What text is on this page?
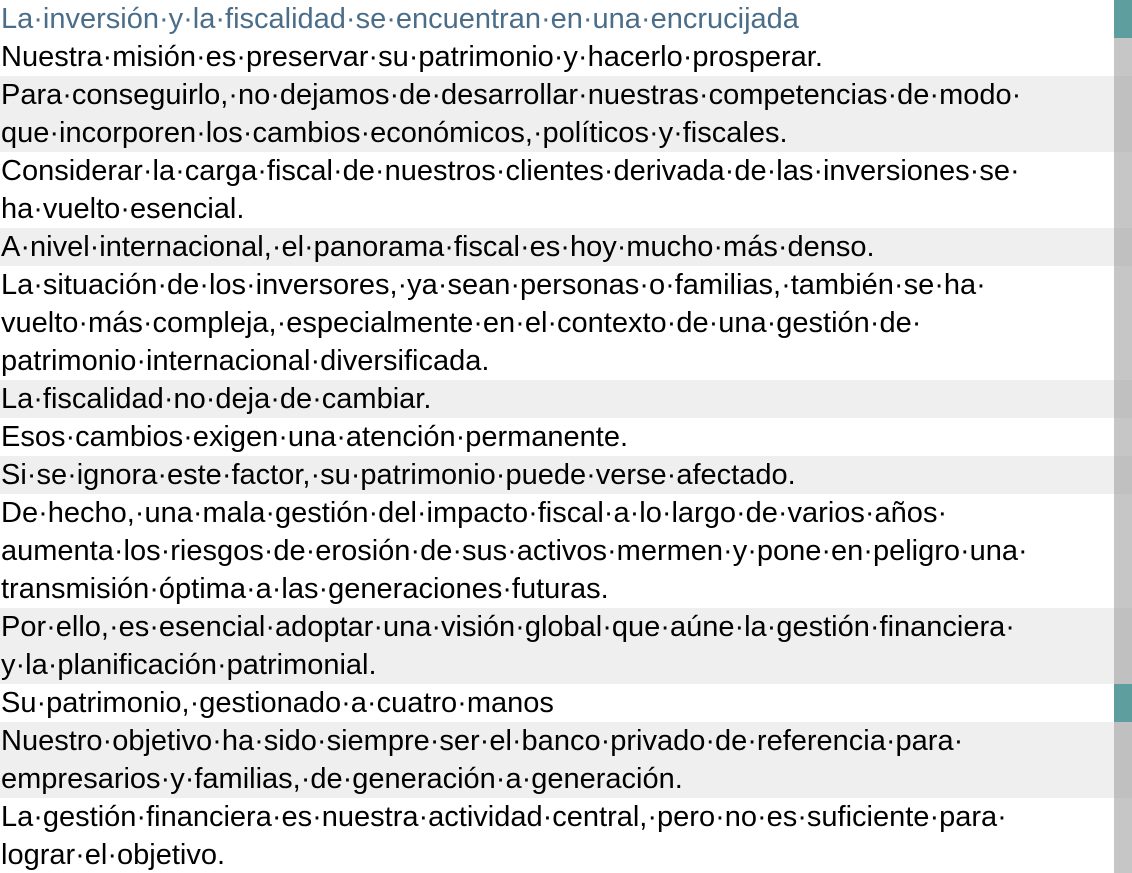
La·inversión·y·la·fiscalidad·se·encuentran·en·una·encrucijada
Nuestra·misión·es·preservar·su·patrimonio·y·hacerlo·prosperar.
Para·conseguirlo,·no·dejamos·de·desarrollar·nuestras·competencias·de·modo· que·incorporen·los·cambios·económicos,·políticos·y·fiscales.
Considerar·la·carga·fiscal·de·nuestros·clientes·derivada·de·las·inversiones·se· ha·vuelto·esencial.
A·nivel·internacional,·el·panorama·fiscal·es·hoy·mucho·más·denso.
La·situación·de·los·inversores,·ya·sean·personas·o·familias,·también·se·ha· vuelto·más·compleja,·especialmente·en·el·contexto·de·una·gestión·de· patrimonio·internacional·diversificada.
La·fiscalidad·no·deja·de·cambiar.
Esos·cambios·exigen·una·atención·permanente.
Si·se·ignora·este·factor,·su·patrimonio·puede·verse·afectado.
De·hecho,·una·mala·gestión·del·impacto·fiscal·a·lo·largo·de·varios·años· aumenta·los·riesgos·de·erosión·de·sus·activos·mermen·y·pone·en·peligro·una· transmisión·óptima·a·las·generaciones·futuras.
Por·ello,·es·esencial·adoptar·una·visión·global·que·aúne·la·gestión·financiera· y·la·planificación·patrimonial.
Su·patrimonio,·gestionado·a·cuatro·manos
Nuestro·objetivo·ha·sido·siempre·ser·el·banco·privado·de·referencia·para· empresarios·y·familias,·de·generación·a·generación.
La·gestión·financiera·es·nuestra·actividad·central,·pero·no·es·suficiente·para· lograr·el·objetivo.
